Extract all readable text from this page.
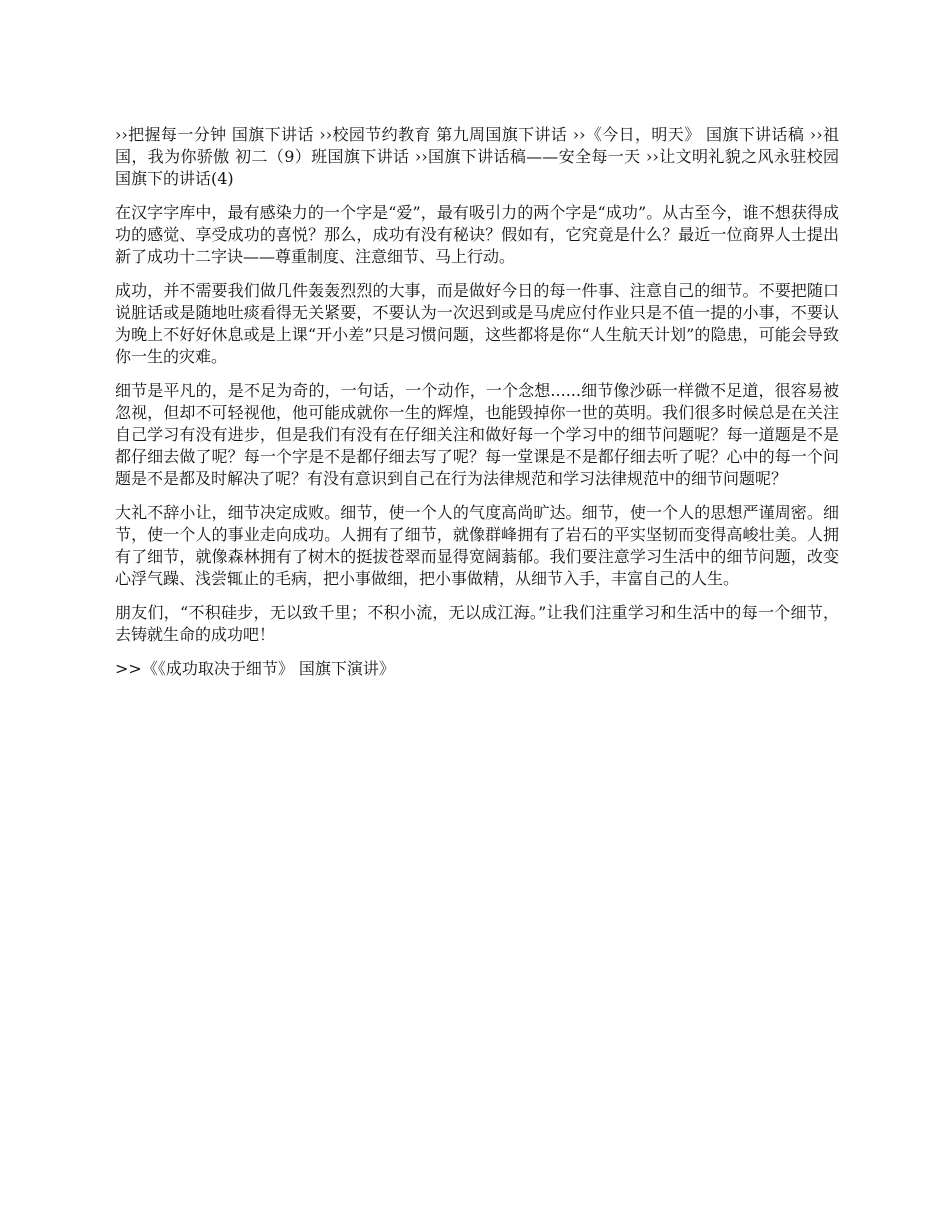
››把握每一分钟 国旗下讲话 ››校园节约教育 第九周国旗下讲话 ››《今日，明天》 国旗下讲话稿 ››祖国，我为你骄傲 初二（9）班国旗下讲话 ››国旗下讲话稿——安全每一天 ››让文明礼貌之风永驻校园 国旗下的讲话(4)

在汉字字库中，最有感染力的一个字是“爱”，最有吸引力的两个字是“成功”。从古至今，谁不想获得成功的感觉、享受成功的喜悦？那么，成功有没有秘诀？假如有，它究竟是什么？最近一位商界人士提出新了成功十二字诀——尊重制度、注意细节、马上行动。

成功，并不需要我们做几件轰轰烈烈的大事，而是做好今日的每一件事、注意自己的细节。不要把随口说脏话或是随地吐痰看得无关紧要，不要认为一次迟到或是马虎应付作业只是不值一提的小事，不要认为晚上不好好休息或是上课“开小差”只是习惯问题，这些都将是你“人生航天计划”的隐患，可能会导致你一生的灾难。

细节是平凡的，是不足为奇的，一句话，一个动作，一个念想......细节像沙砾一样微不足道，很容易被忽视，但却不可轻视他，他可能成就你一生的辉煌，也能毁掉你一世的英明。我们很多时候总是在关注自己学习有没有进步，但是我们有没有在仔细关注和做好每一个学习中的细节问题呢？每一道题是不是都仔细去做了呢？每一个字是不是都仔细去写了呢？每一堂课是不是都仔细去听了呢？心中的每一个问题是不是都及时解决了呢？有没有意识到自己在行为法律规范和学习法律规范中的细节问题呢？

大礼不辞小让，细节决定成败。细节，使一个人的气度高尚旷达。细节，使一个人的思想严谨周密。细节，使一个人的事业走向成功。人拥有了细节，就像群峰拥有了岩石的平实坚韧而变得高峻壮美。人拥有了细节，就像森林拥有了树木的挺拔苍翠而显得宽阔蓊郁。我们要注意学习生活中的细节问题，改变心浮气躁、浅尝辄止的毛病，把小事做细，把小事做精，从细节入手，丰富自己的人生。

朋友们，“不积硅步，无以致千里；不积小流，无以成江海。”让我们注重学习和生活中的每一个细节，去铸就生命的成功吧！

>>《《成功取决于细节》 国旗下演讲》
